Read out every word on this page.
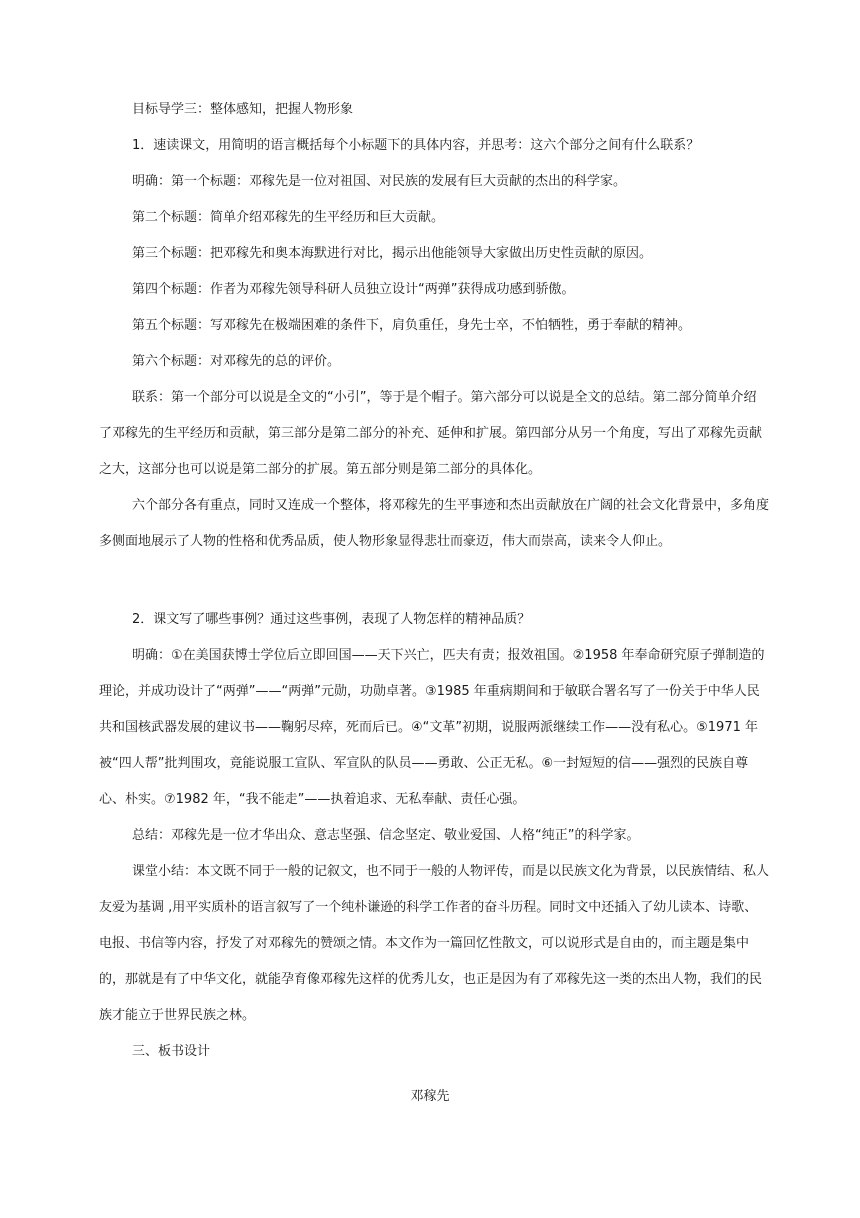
目标导学三：整体感知，把握人物形象

1．速读课文，用简明的语言概括每个小标题下的具体内容，并思考：这六个部分之间有什么联系？

明确：第一个标题：邓稼先是一位对祖国、对民族的发展有巨大贡献的杰出的科学家。

第二个标题：简单介绍邓稼先的生平经历和巨大贡献。

第三个标题：把邓稼先和奥本海默进行对比，揭示出他能领导大家做出历史性贡献的原因。

第四个标题：作者为邓稼先领导科研人员独立设计“两弹”获得成功感到骄傲。

第五个标题：写邓稼先在极端困难的条件下，肩负重任，身先士卒，不怕牺牲，勇于奉献的精神。

第六个标题：对邓稼先的总的评价。

联系：第一个部分可以说是全文的“小引”，等于是个帽子。第六部分可以说是全文的总结。第二部分简单介绍了邓稼先的生平经历和贡献，第三部分是第二部分的补充、延伸和扩展。第四部分从另一个角度，写出了邓稼先贡献之大，这部分也可以说是第二部分的扩展。第五部分则是第二部分的具体化。

六个部分各有重点，同时又连成一个整体，将邓稼先的生平事迹和杰出贡献放在广阔的社会文化背景中，多角度多侧面地展示了人物的性格和优秀品质，使人物形象显得悲壮而豪迈，伟大而崇高，读来令人仰止。

2．课文写了哪些事例？通过这些事例，表现了人物怎样的精神品质？

明确：①在美国获博士学位后立即回国——天下兴亡，匹夫有责；报效祖国。②1958 年奉命研究原子弹制造的理论，并成功设计了“两弹”——“两弹”元勋，功勋卓著。③1985 年重病期间和于敏联合署名写了一份关于中华人民共和国核武器发展的建议书——鞠躬尽瘁，死而后已。④“文革”初期，说服两派继续工作——没有私心。⑤1971 年被“四人帮”批判围攻，竟能说服工宣队、军宣队的队员——勇敢、公正无私。⑥一封短短的信——强烈的民族自尊心、朴实。⑦1982 年，“我不能走”——执着追求、无私奉献、责任心强。

总结：邓稼先是一位才华出众、意志坚强、信念坚定、敬业爱国、人格“纯正”的科学家。

课堂小结：本文既不同于一般的记叙文，也不同于一般的人物评传，而是以民族文化为背景，以民族情结、私人友爱为基调 ,用平实质朴的语言叙写了一个纯朴谦逊的科学工作者的奋斗历程。同时文中还插入了幼儿读本、诗歌、电报、书信等内容，抒发了对邓稼先的赞颂之情。本文作为一篇回忆性散文，可以说形式是自由的，而主题是集中的，那就是有了中华文化，就能孕育像邓稼先这样的优秀儿女，也正是因为有了邓稼先这一类的杰出人物，我们的民族才能立于世界民族之林。

三、板书设计

邓稼先
